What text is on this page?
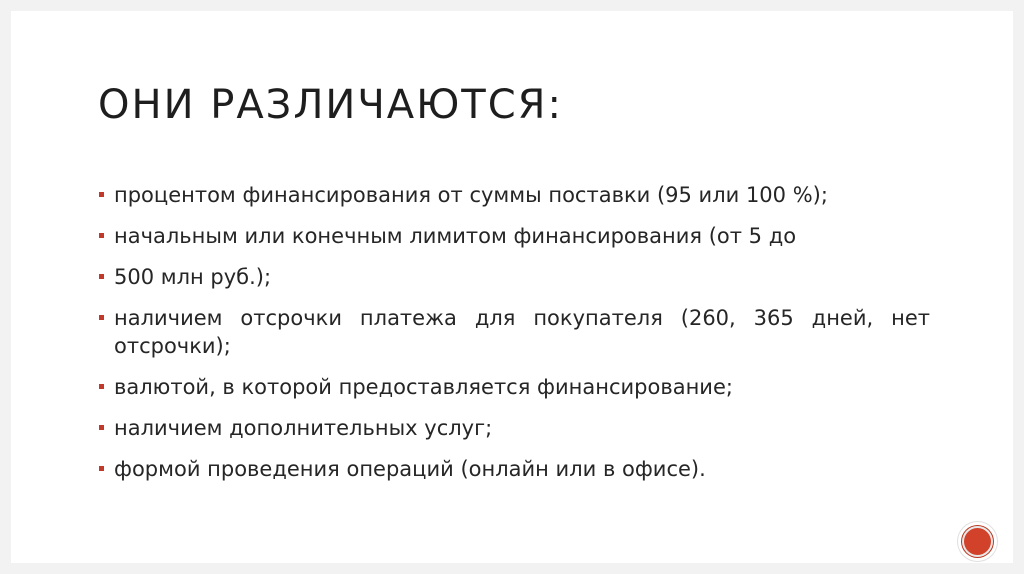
ОНИ РАЗЛИЧАЮТСЯ:
процентом финансирования от суммы поставки (95 или 100 %);
начальным или конечным лимитом финансирования (от 5 до
500 млн руб.);
наличием отсрочки платежа для покупателя (260, 365 дней, нет отсрочки);
валютой, в которой предоставляется финансирование;
наличием дополнительных услуг;
формой проведения операций (онлайн или в офисе).
